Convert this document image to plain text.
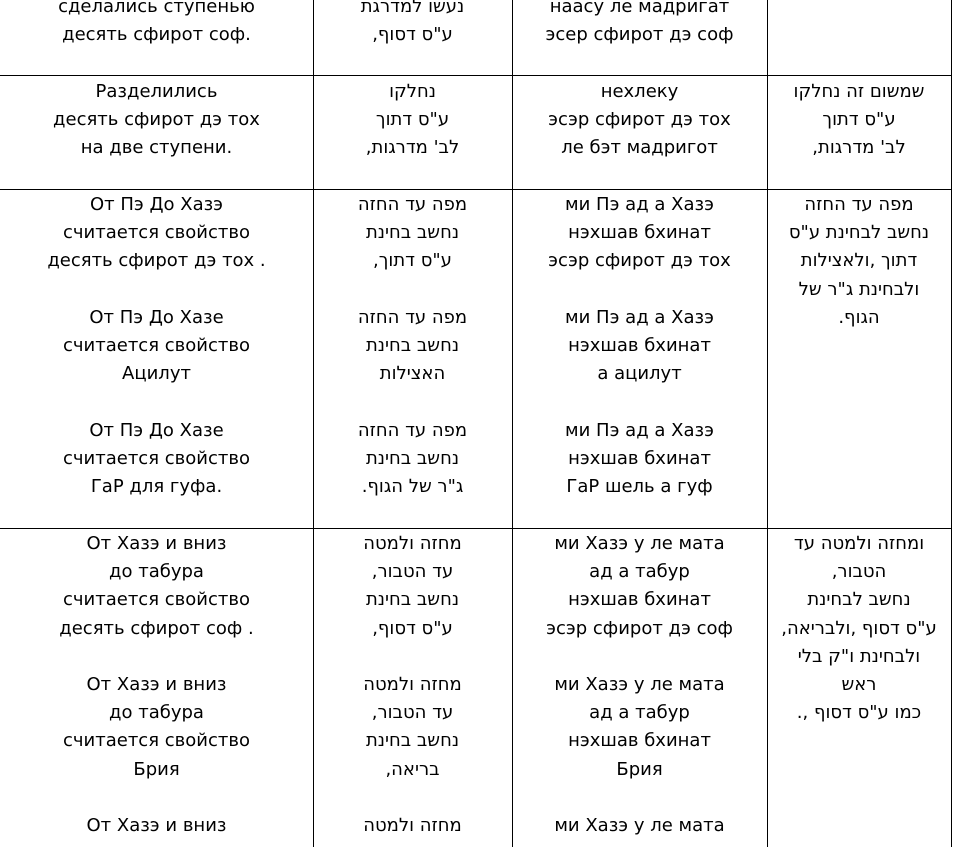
сделались ступенью
десять сфирот соф.
נעשו למדרגת
ע"ס דסוף,
наасу ле мадригат
эсер сфирот дэ соф
Разделились
десять сфирот дэ тох
на две ступени.
נחלקו
ע"ס דתוך
לב' מדרגות,
нехлеку
эсэр сфирот дэ тох
ле бэт мадригот
שמשום זה נחלקו
ע"ס דתוך
לב' מדרגות,
От Пэ До Хазэ
считается свойство
десять сфирот дэ тох .
От Пэ До Хазе
считается свойство
Ацилут
От Пэ До Хазе
считается свойство
ГаР для гуфа.
מפה עד החזה
נחשב בחינת
ע"ס דתוך,
מפה עד החזה
נחשב בחינת
האצילות
מפה עד החזה
נחשב בחינת
ג"ר של הגוף.
ми Пэ ад а Хазэ
нэхшав бхинат
эсэр сфирот дэ тох
ми Пэ ад а Хазэ
нэхшав бхинат
а ацилут
ми Пэ ад а Хазэ
нэхшав бхинат
ГаР шель а гуф
מפה עד החזה
נחשב לבחינת ע"ס
דתוך ,ולאצילות
ולבחינת ג"ר של
הגוף.
От Хазэ и вниз
до табура
считается свойство
десять сфирот соф .
От Хазэ и вниз
до табура
считается свойство
Брия
От Хазэ и вниз
מחזה ולמטה
עד הטבור,
נחשב בחינת
ע"ס דסוף,
מחזה ולמטה
עד הטבור,
נחשב בחינת
בריאה,
מחזה ולמטה
ми Хазэ у ле мата
ад а табур
нэхшав бхинат
эсэр сфирот дэ соф
ми Хазэ у ле мата
ад а табур
нэхшав бхинат
Брия
ми Хазэ у ле мата
ומחזה ולמטה עד
הטבור,
נחשב לבחינת
ע"ס דסוף ,ולבריאה,
ולבחינת ו"ק בלי
ראש
כמו ע"ס דסוף ,.
